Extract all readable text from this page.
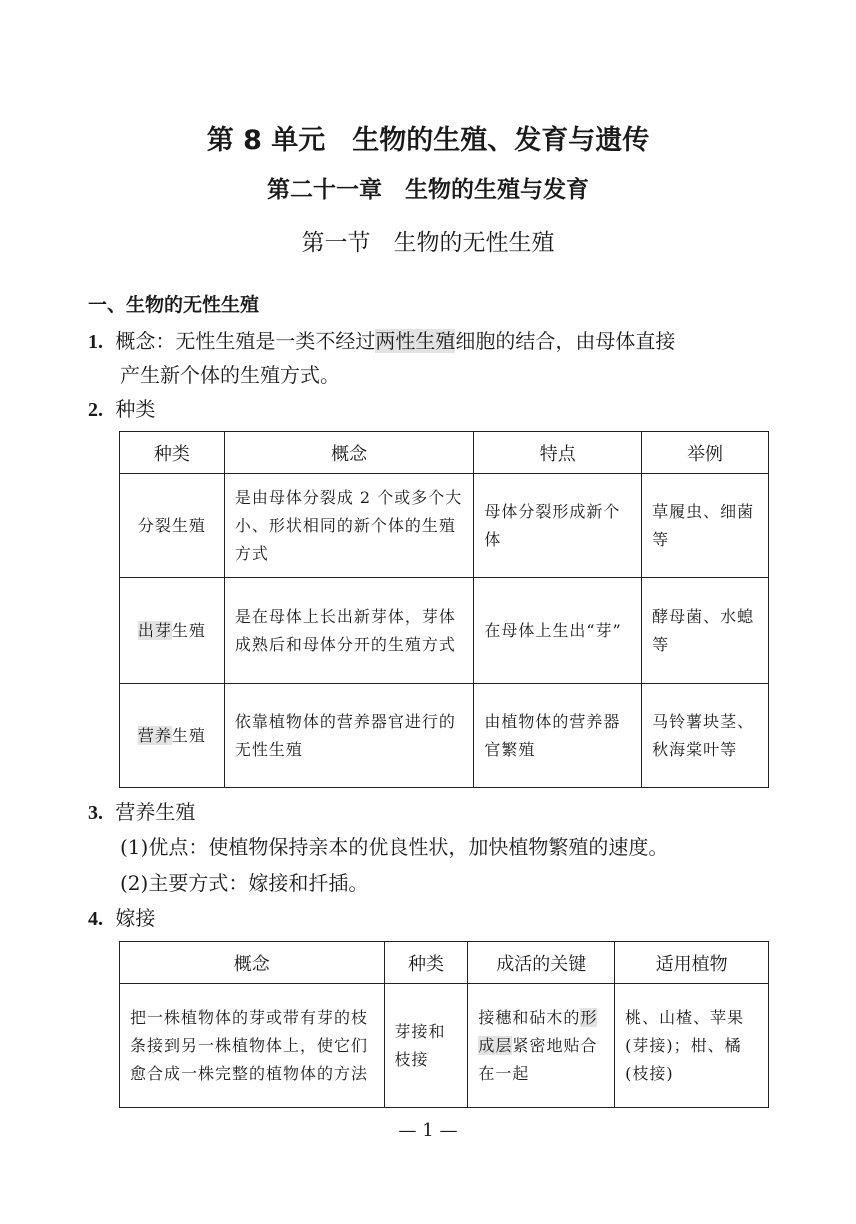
第 8 单元　生物的生殖、发育与遗传
第二十一章　生物的生殖与发育
第一节　生物的无性生殖
一、生物的无性生殖
1. 概念：无性生殖是一类不经过两性生殖细胞的结合，由母体直接
产生新个体的生殖方式。
2. 种类
种类	概念	特点	举例
分裂生殖	是由母体分裂成 2 个或多个大小、形状相同的新个体的生殖方式	母体分裂形成新个体	草履虫、细菌等
出芽生殖	是在母体上长出新芽体，芽体成熟后和母体分开的生殖方式	在母体上生出“芽”	酵母菌、水螅等
营养生殖	依靠植物体的营养器官进行的无性生殖	由植物体的营养器官繁殖	马铃薯块茎、秋海棠叶等
3. 营养生殖
(1)优点：使植物保持亲本的优良性状，加快植物繁殖的速度。
(2)主要方式：嫁接和扦插。
4. 嫁接
概念	种类	成活的关键	适用植物
把一株植物体的芽或带有芽的枝条接到另一株植物体上，使它们愈合成一株完整的植物体的方法	芽接和枝接	接穗和砧木的形成层紧密地贴合在一起	桃、山楂、苹果(芽接)；柑、橘(枝接)
— 1 —
